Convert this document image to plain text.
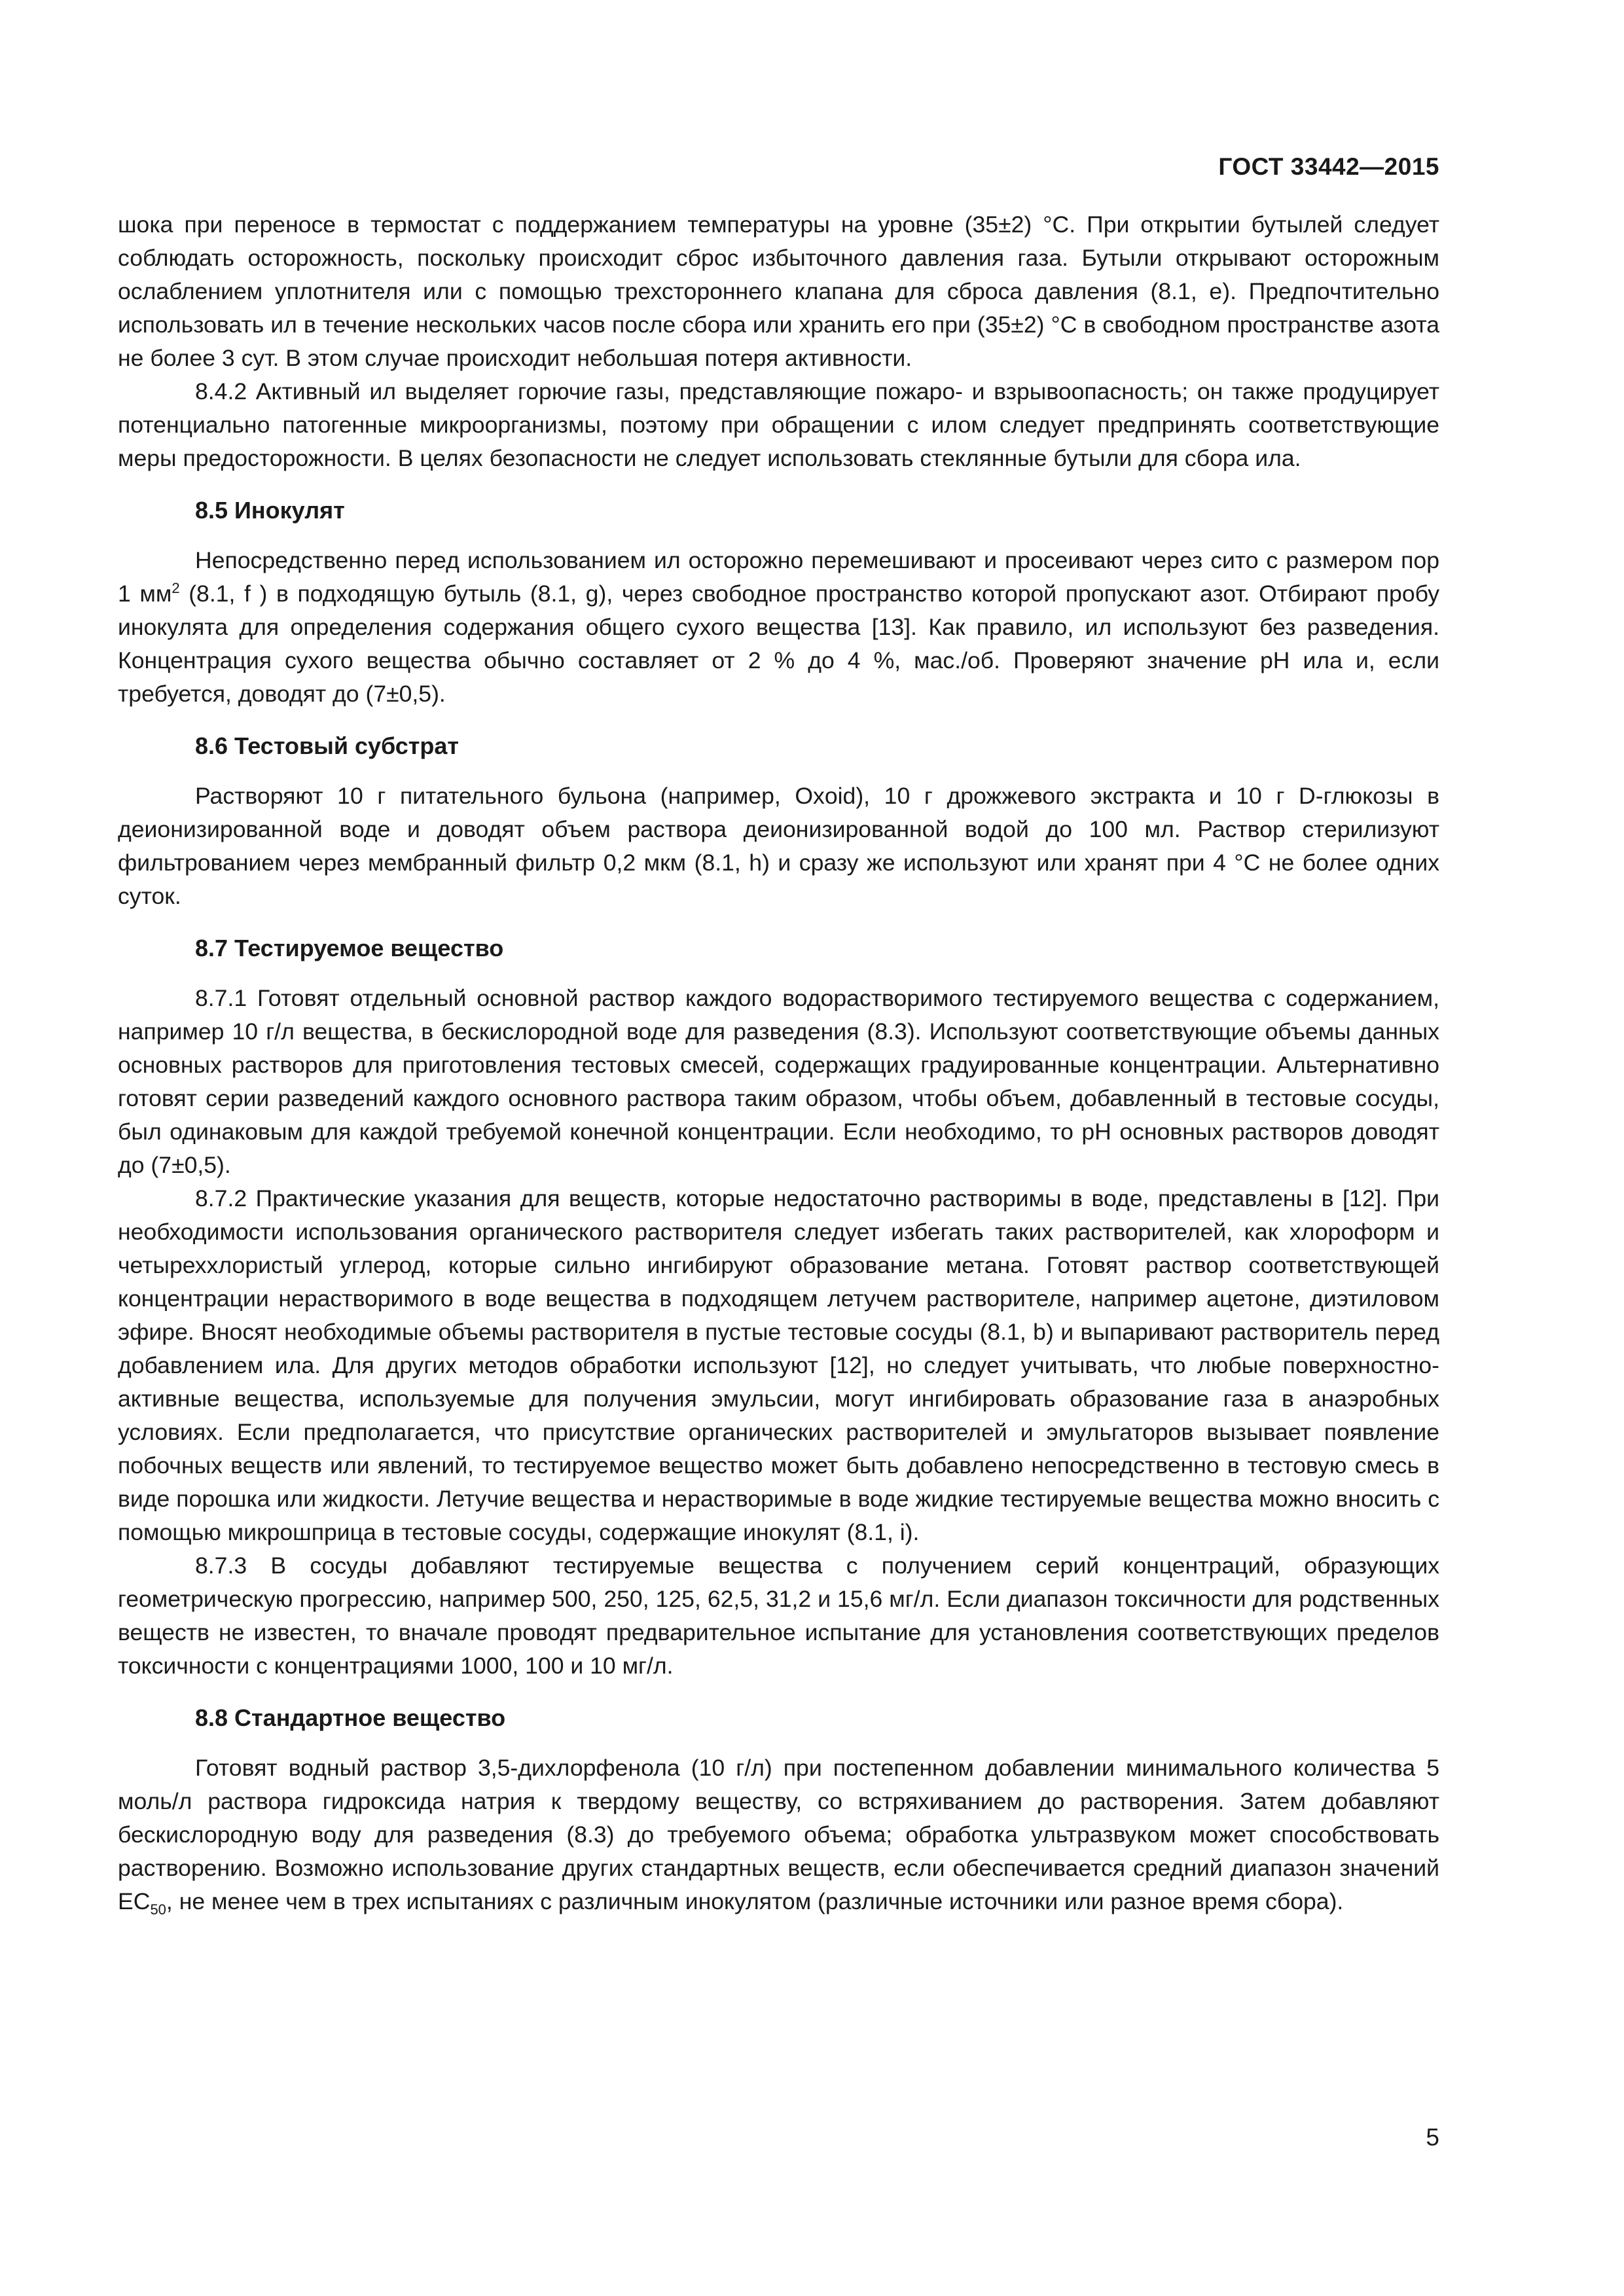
ГОСТ 33442—2015

шока при переносе в термостат с поддержанием температуры на уровне (35±2) °С. При открытии бутылей следует соблюдать осторожность, поскольку происходит сброс избыточного давления газа. Бутыли открывают осторожным ослаблением уплотнителя или с помощью трехстороннего клапана для сброса давления (8.1, е). Предпочтительно использовать ил в течение нескольких часов после сбора или хранить его при (35±2) °С в свободном пространстве азота не более 3 сут. В этом случае происходит небольшая потеря активности.

8.4.2 Активный ил выделяет горючие газы, представляющие пожаро- и взрывоопасность; он также продуцирует потенциально патогенные микроорганизмы, поэтому при обращении с илом следует предпринять соответствующие меры предосторожности. В целях безопасности не следует использовать стеклянные бутыли для сбора ила.

8.5 Инокулят

Непосредственно перед использованием ил осторожно перемешивают и просеивают через сито с размером пор 1 $мм^2$ (8.1, f ) в подходящую бутыль (8.1, g), через свободное пространство которой пропускают азот. Отбирают пробу инокулята для определения содержания общего сухого вещества [13]. Как правило, ил используют без разведения. Концентрация сухого вещества обычно составляет от 2 % до 4 %, мас./об. Проверяют значение рН ила и, если требуется, доводят до (7±0,5).

8.6 Тестовый субстрат

Растворяют 10 г питательного бульона (например, Oxoid), 10 г дрожжевого экстракта и 10 г D-глюкозы в деионизированной воде и доводят объем раствора деионизированной водой до 100 мл. Раствор стерилизуют фильтрованием через мембранный фильтр 0,2 мкм (8.1, h) и сразу же используют или хранят при 4 °С не более одних суток.

8.7 Тестируемое вещество

8.7.1 Готовят отдельный основной раствор каждого водорастворимого тестируемого вещества с содержанием, например 10 г/л вещества, в бескислородной воде для разведения (8.3). Используют соответствующие объемы данных основных растворов для приготовления тестовых смесей, содержащих градуированные концентрации. Альтернативно готовят серии разведений каждого основного раствора таким образом, чтобы объем, добавленный в тестовые сосуды, был одинаковым для каждой требуемой конечной концентрации. Если необходимо, то рН основных растворов доводят до (7±0,5).

8.7.2 Практические указания для веществ, которые недостаточно растворимы в воде, представлены в [12]. При необходимости использования органического растворителя следует избегать таких растворителей, как хлороформ и четыреххлористый углерод, которые сильно ингибируют образование метана. Готовят раствор соответствующей концентрации нерастворимого в воде вещества в подходящем летучем растворителе, например ацетоне, диэтиловом эфире. Вносят необходимые объемы растворителя в пустые тестовые сосуды (8.1, b) и выпаривают растворитель перед добавлением ила. Для других методов обработки используют [12], но следует учитывать, что любые поверхностно-активные вещества, используемые для получения эмульсии, могут ингибировать образование газа в анаэробных условиях. Если предполагается, что присутствие органических растворителей и эмульгаторов вызывает появление побочных веществ или явлений, то тестируемое вещество может быть добавлено непосредственно в тестовую смесь в виде порошка или жидкости. Летучие вещества и нерастворимые в воде жидкие тестируемые вещества можно вносить с помощью микрошприца в тестовые сосуды, содержащие инокулят (8.1, i).

8.7.3 В сосуды добавляют тестируемые вещества с получением серий концентраций, образующих геометрическую прогрессию, например 500, 250, 125, 62,5, 31,2 и 15,6 мг/л. Если диапазон токсичности для родственных веществ не известен, то вначале проводят предварительное испытание для установления соответствующих пределов токсичности с концентрациями 1000, 100 и 10 мг/л.

8.8 Стандартное вещество

Готовят водный раствор 3,5-дихлорфенола (10 г/л) при постепенном добавлении минимального количества 5 моль/л раствора гидроксида натрия к твердому веществу, со встряхиванием до растворения. Затем добавляют бескислородную воду для разведения (8.3) до требуемого объема; обработка ультразвуком может способствовать растворению. Возможно использование других стандартных веществ, если обеспечивается средний диапазон значений $ЕС_{50}$, не менее чем в трех испытаниях с различным инокулятом (различные источники или разное время сбора).

5
